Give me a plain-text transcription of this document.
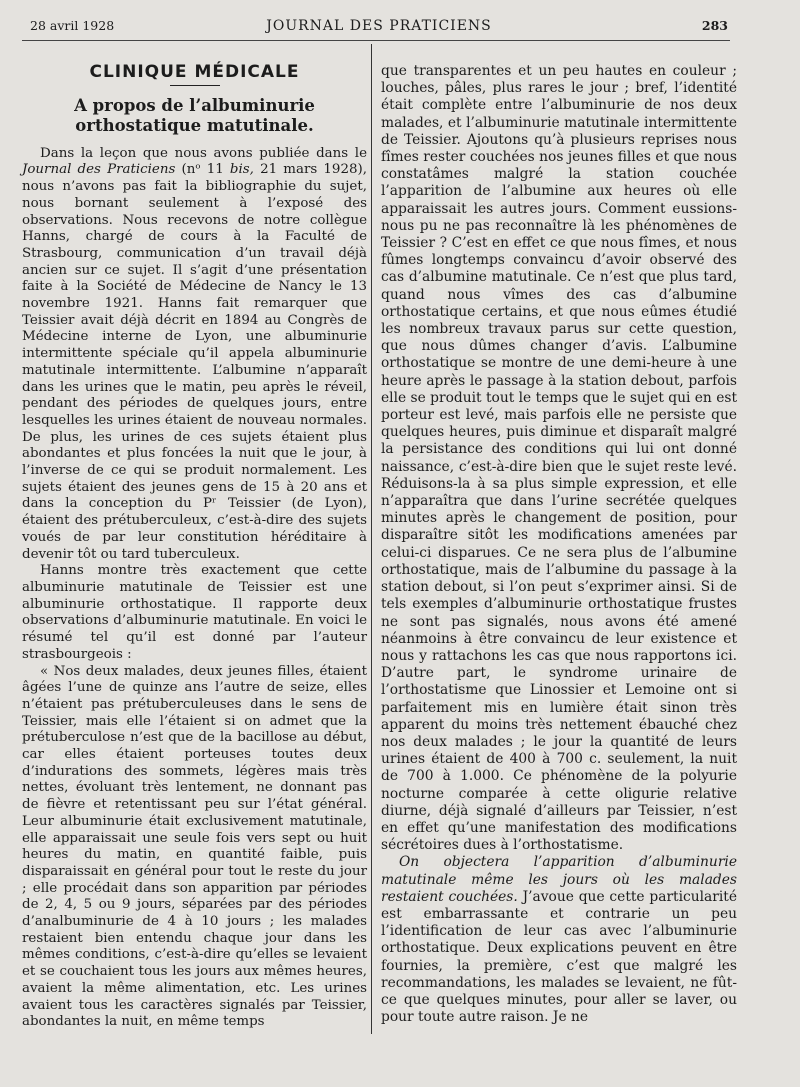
28 avril 1928	JOURNAL DES PRATICIENS	283
CLINIQUE MÉDICALE
A propos de l’albuminurie orthostatique matutinale.

Dans la leçon que nous avons publiée dans le Journal des Praticiens (nᵒ 11 bis, 21 mars 1928), nous n’avons pas fait la bibliographie du sujet, nous bornant seulement à l’exposé des observations. Nous recevons de notre collègue Hanns, chargé de cours à la Faculté de Strasbourg, communication d’un travail déjà ancien sur ce sujet. Il s’agit d’une présentation faite à la Société de Médecine de Nancy le 13 novembre 1921. Hanns fait remarquer que Teissier avait déjà décrit en 1894 au Congrès de Médecine interne de Lyon, une albuminurie intermittente spéciale qu’il appela albuminurie matutinale intermittente. L’albumine n’apparaît dans les urines que le matin, peu après le réveil, pendant des périodes de quelques jours, entre lesquelles les urines étaient de nouveau normales. De plus, les urines de ces sujets étaient plus abondantes et plus foncées la nuit que le jour, à l’inverse de ce qui se produit normalement. Les sujets étaient des jeunes gens de 15 à 20 ans et dans la conception du Pʳ Teissier (de Lyon), étaient des prétuberculeux, c’est-à-dire des sujets voués de par leur constitution héréditaire à devenir tôt ou tard tuberculeux.

Hanns montre très exactement que cette albuminurie matutinale de Teissier est une albuminurie orthostatique. Il rapporte deux observations d’albuminurie matutinale. En voici le résumé tel qu’il est donné par l’auteur strasbourgeois :

« Nos deux malades, deux jeunes filles, étaient âgées l’une de quinze ans l’autre de seize, elles n’étaient pas prétuberculeuses dans le sens de Teissier, mais elle l’étaient si on admet que la prétuberculose n’est que de la bacillose au début, car elles étaient porteuses toutes deux d’indurations des sommets, légères mais très nettes, évoluant très lentement, ne donnant pas de fièvre et retentissant peu sur l’état général. Leur albuminurie était exclusivement matutinale, elle apparaissait une seule fois vers sept ou huit heures du matin, en quantité faible, puis disparaissait en général pour tout le reste du jour ; elle procédait dans son apparition par périodes de 2, 4, 5 ou 9 jours, séparées par des périodes d’analbuminurie de 4 à 10 jours ; les malades restaient bien entendu chaque jour dans les mêmes conditions, c’est-à-dire qu’elles se levaient et se couchaient tous les jours aux mêmes heures, avaient la même alimentation, etc. Les urines avaient tous les caractères signalés par Teissier, abondantes la nuit, en même temps

que transparentes et un peu hautes en couleur ; louches, pâles, plus rares le jour ; bref, l’identité était complète entre l’albuminurie de nos deux malades, et l’albuminurie matutinale intermittente de Teissier. Ajoutons qu’à plusieurs reprises nous fîmes rester couchées nos jeunes filles et que nous constatâmes malgré la station couchée l’apparition de l’albumine aux heures où elle apparaissait les autres jours. Comment eussions-nous pu ne pas reconnaître là les phénomènes de Teissier ? C’est en effet ce que nous fîmes, et nous fûmes longtemps convaincu d’avoir observé des cas d’albumine matutinale. Ce n’est que plus tard, quand nous vîmes des cas d’albumine orthostatique certains, et que nous eûmes étudié les nombreux travaux parus sur cette question, que nous dûmes changer d’avis. L’albumine orthostatique se montre de une demi-heure à une heure après le passage à la station debout, parfois elle se produit tout le temps que le sujet qui en est porteur est levé, mais parfois elle ne persiste que quelques heures, puis diminue et disparaît malgré la persistance des conditions qui lui ont donné naissance, c’est-à-dire bien que le sujet reste levé. Réduisons-la à sa plus simple expression, et elle n’apparaîtra que dans l’urine secrétée quelques minutes après le changement de position, pour disparaître sitôt les modifications amenées par celui-ci disparues. Ce ne sera plus de l’albumine orthostatique, mais de l’albumine du passage à la station debout, si l’on peut s’exprimer ainsi. Si de tels exemples d’albuminurie orthostatique frustes ne sont pas signalés, nous avons été amené néanmoins à être convaincu de leur existence et nous y rattachons les cas que nous rapportons ici. D’autre part, le syndrome urinaire de l’orthostatisme que Linossier et Lemoine ont si parfaitement mis en lumière était sinon très apparent du moins très nettement ébauché chez nos deux malades ; le jour la quantité de leurs urines étaient de 400 à 700 c. seulement, la nuit de 700 à 1.000. Ce phénomène de la polyurie nocturne comparée à cette oligurie relative diurne, déjà signalé d’ailleurs par Teissier, n’est en effet qu’une manifestation des modifications sécrétoires dues à l’orthostatisme.

On objectera l’apparition d’albuminurie matutinale même les jours où les malades restaient couchées. J’avoue que cette particularité est embarrassante et contrarie un peu l’identification de leur cas avec l’albuminurie orthostatique. Deux explications peuvent en être fournies, la première, c’est que malgré les recommandations, les malades se levaient, ne fût-ce que quelques minutes, pour aller se laver, ou pour toute autre raison. Je ne
